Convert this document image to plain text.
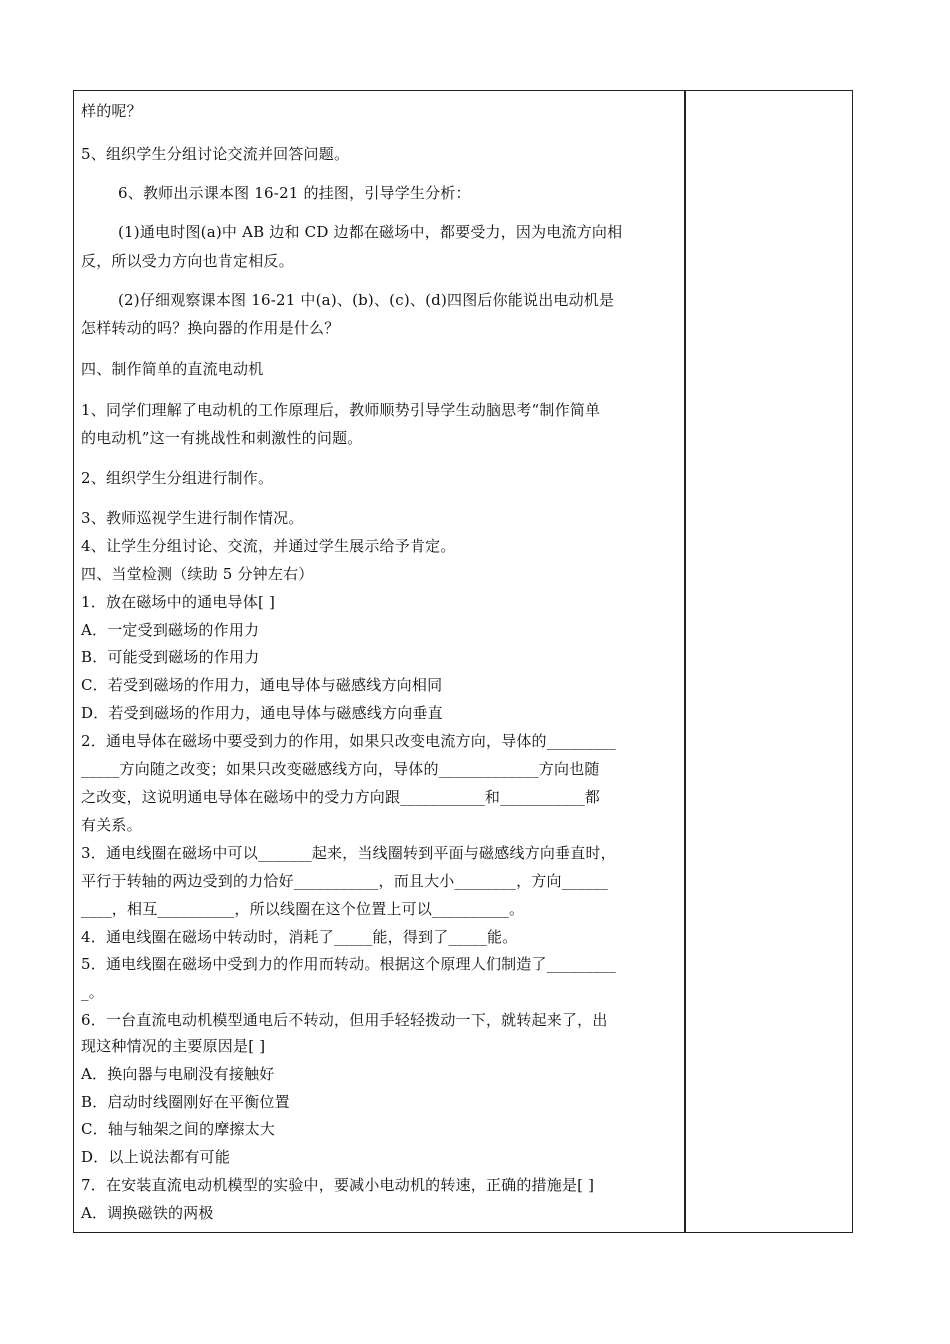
样的呢？
5、组织学生分组讨论交流并回答问题。
6、教师出示课本图 16-21 的挂图，引导学生分析：
(1)通电时图(a)中 AB 边和 CD 边都在磁场中，都要受力，因为电流方向相
反，所以受力方向也肯定相反。
(2)仔细观察课本图 16-21 中(a)、(b)、(c)、(d)四图后你能说出电动机是
怎样转动的吗？换向器的作用是什么？
四、制作简单的直流电动机
1、同学们理解了电动机的工作原理后，教师顺势引导学生动脑思考“制作简单
的电动机”这一有挑战性和刺激性的问题。
2、组织学生分组进行制作。
3、教师巡视学生进行制作情况。
4、让学生分组讨论、交流，并通过学生展示给予肯定。
四、当堂检测（续助 5 分钟左右）
1．放在磁场中的通电导体[ ]
A．一定受到磁场的作用力
B．可能受到磁场的作用力
C．若受到磁场的作用力，通电导体与磁感线方向相同
D．若受到磁场的作用力，通电导体与磁感线方向垂直
2．通电导体在磁场中要受到力的作用，如果只改变电流方向，导体的_________
_____方向随之改变；如果只改变磁感线方向，导体的_____________方向也随
之改变，这说明通电导体在磁场中的受力方向跟___________和___________都
有关系。
3．通电线圈在磁场中可以_______起来，当线圈转到平面与磁感线方向垂直时，
平行于转轴的两边受到的力恰好___________，而且大小________，方向______
____，相互__________，所以线圈在这个位置上可以__________。
4．通电线圈在磁场中转动时，消耗了_____能，得到了_____能。
5．通电线圈在磁场中受到力的作用而转动。根据这个原理人们制造了_________
_。
6．一台直流电动机模型通电后不转动，但用手轻轻拨动一下，就转起来了，出
现这种情况的主要原因是[ ]
A．换向器与电刷没有接触好
B．启动时线圈刚好在平衡位置
C．轴与轴架之间的摩擦太大
D．以上说法都有可能
7．在安装直流电动机模型的实验中，要减小电动机的转速，正确的措施是[ ]
A．调换磁铁的两极
